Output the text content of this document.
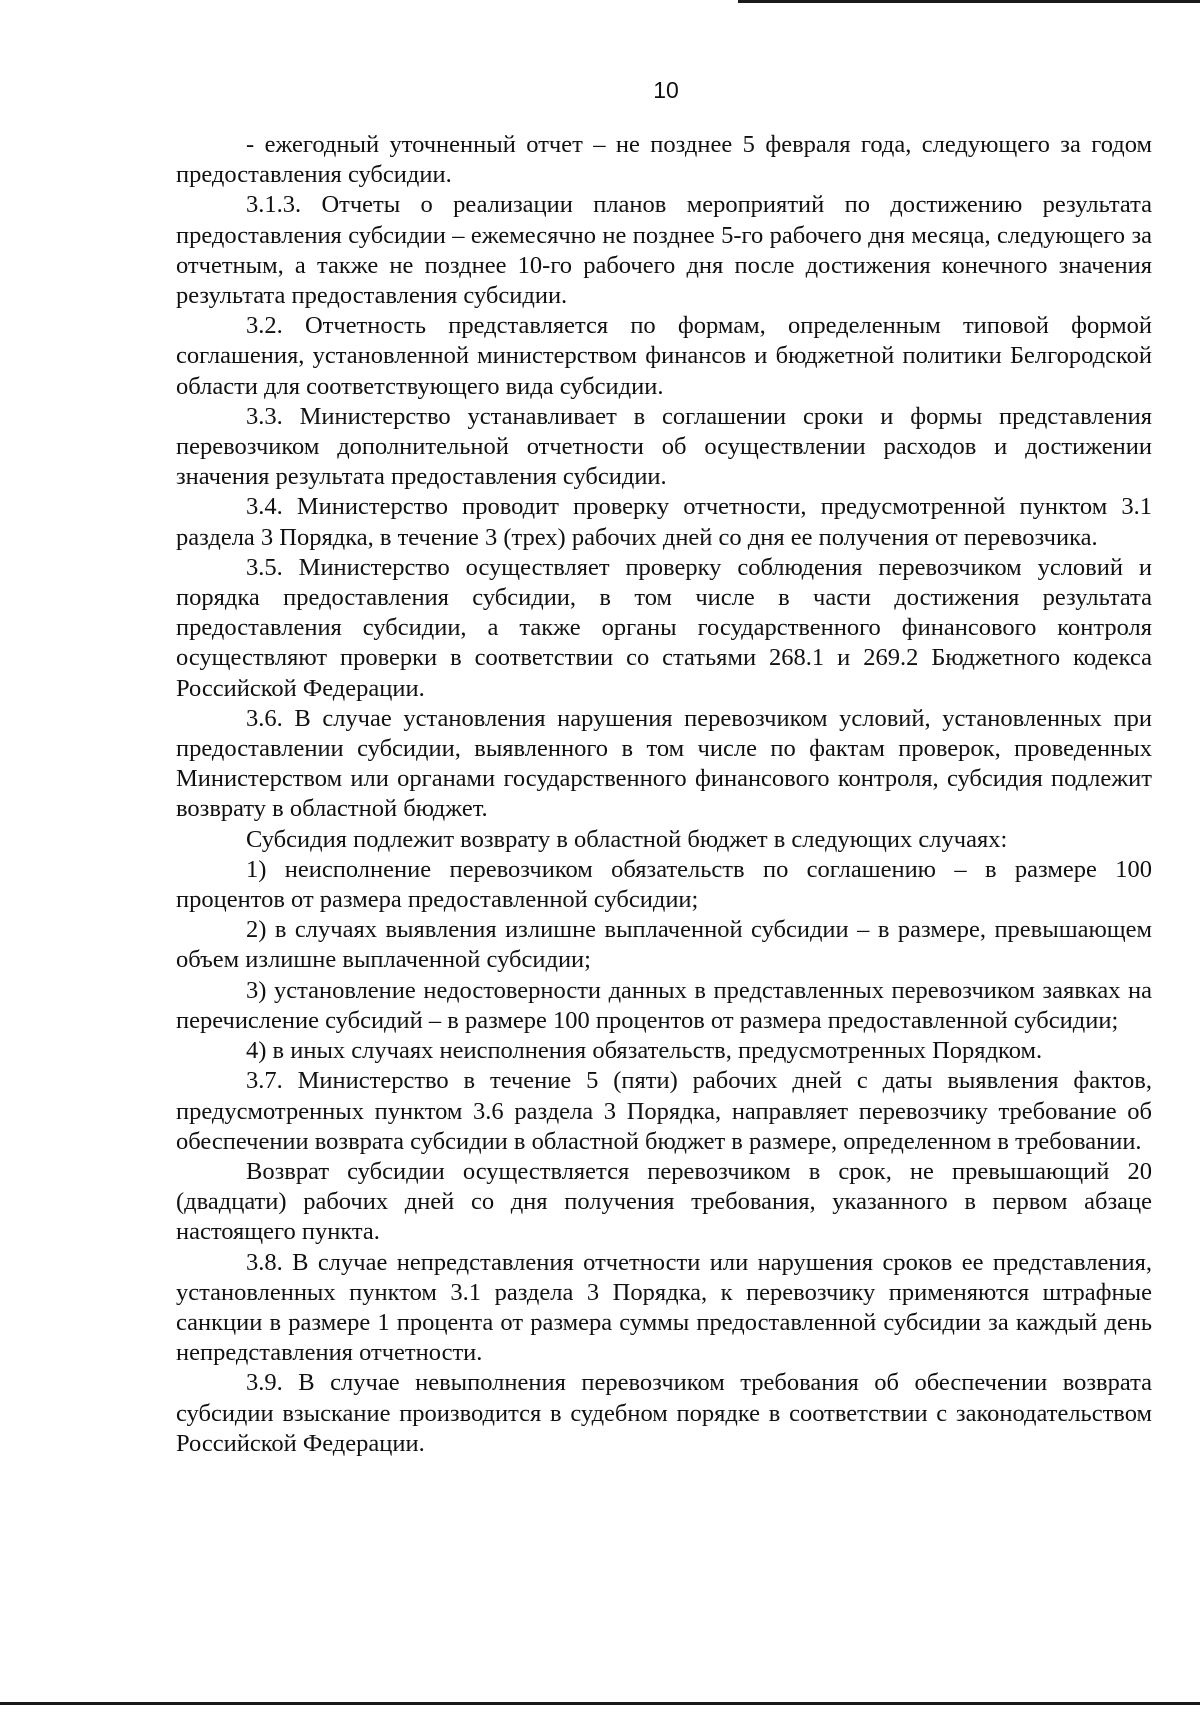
10

- ежегодный уточненный отчет – не позднее 5 февраля года, следующего за годом предоставления субсидии.

3.1.3. Отчеты о реализации планов мероприятий по достижению результата предоставления субсидии – ежемесячно не позднее 5-го рабочего дня месяца, следующего за отчетным, а также не позднее 10-го рабочего дня после достижения конечного значения результата предоставления субсидии.

3.2. Отчетность представляется по формам, определенным типовой формой соглашения, установленной министерством финансов и бюджетной политики Белгородской области для соответствующего вида субсидии.

3.3. Министерство устанавливает в соглашении сроки и формы представления перевозчиком дополнительной отчетности об осуществлении расходов и достижении значения результата предоставления субсидии.

3.4. Министерство проводит проверку отчетности, предусмотренной пунктом 3.1 раздела 3 Порядка, в течение 3 (трех) рабочих дней со дня ее получения от перевозчика.

3.5. Министерство осуществляет проверку соблюдения перевозчиком условий и порядка предоставления субсидии, в том числе в части достижения результата предоставления субсидии, а также органы государственного финансового контроля осуществляют проверки в соответствии со статьями 268.1 и 269.2 Бюджетного кодекса Российской Федерации.

3.6. В случае установления нарушения перевозчиком условий, установленных при предоставлении субсидии, выявленного в том числе по фактам проверок, проведенных Министерством или органами государственного финансового контроля, субсидия подлежит возврату в областной бюджет.

Субсидия подлежит возврату в областной бюджет в следующих случаях:

1) неисполнение перевозчиком обязательств по соглашению – в размере 100 процентов от размера предоставленной субсидии;

2) в случаях выявления излишне выплаченной субсидии – в размере, превышающем объем излишне выплаченной субсидии;

3) установление недостоверности данных в представленных перевозчиком заявках на перечисление субсидий – в размере 100 процентов от размера предоставленной субсидии;

4) в иных случаях неисполнения обязательств, предусмотренных Порядком.

3.7. Министерство в течение 5 (пяти) рабочих дней с даты выявления фактов, предусмотренных пунктом 3.6 раздела 3 Порядка, направляет перевозчику требование об обеспечении возврата субсидии в областной бюджет в размере, определенном в требовании.

Возврат субсидии осуществляется перевозчиком в срок, не превышающий 20 (двадцати) рабочих дней со дня получения требования, указанного в первом абзаце настоящего пункта.

3.8. В случае непредставления отчетности или нарушения сроков ее представления, установленных пунктом 3.1 раздела 3 Порядка, к перевозчику применяются штрафные санкции в размере 1 процента от размера суммы предоставленной субсидии за каждый день непредставления отчетности.

3.9. В случае невыполнения перевозчиком требования об обеспечении возврата субсидии взыскание производится в судебном порядке в соответствии с законодательством Российской Федерации.
